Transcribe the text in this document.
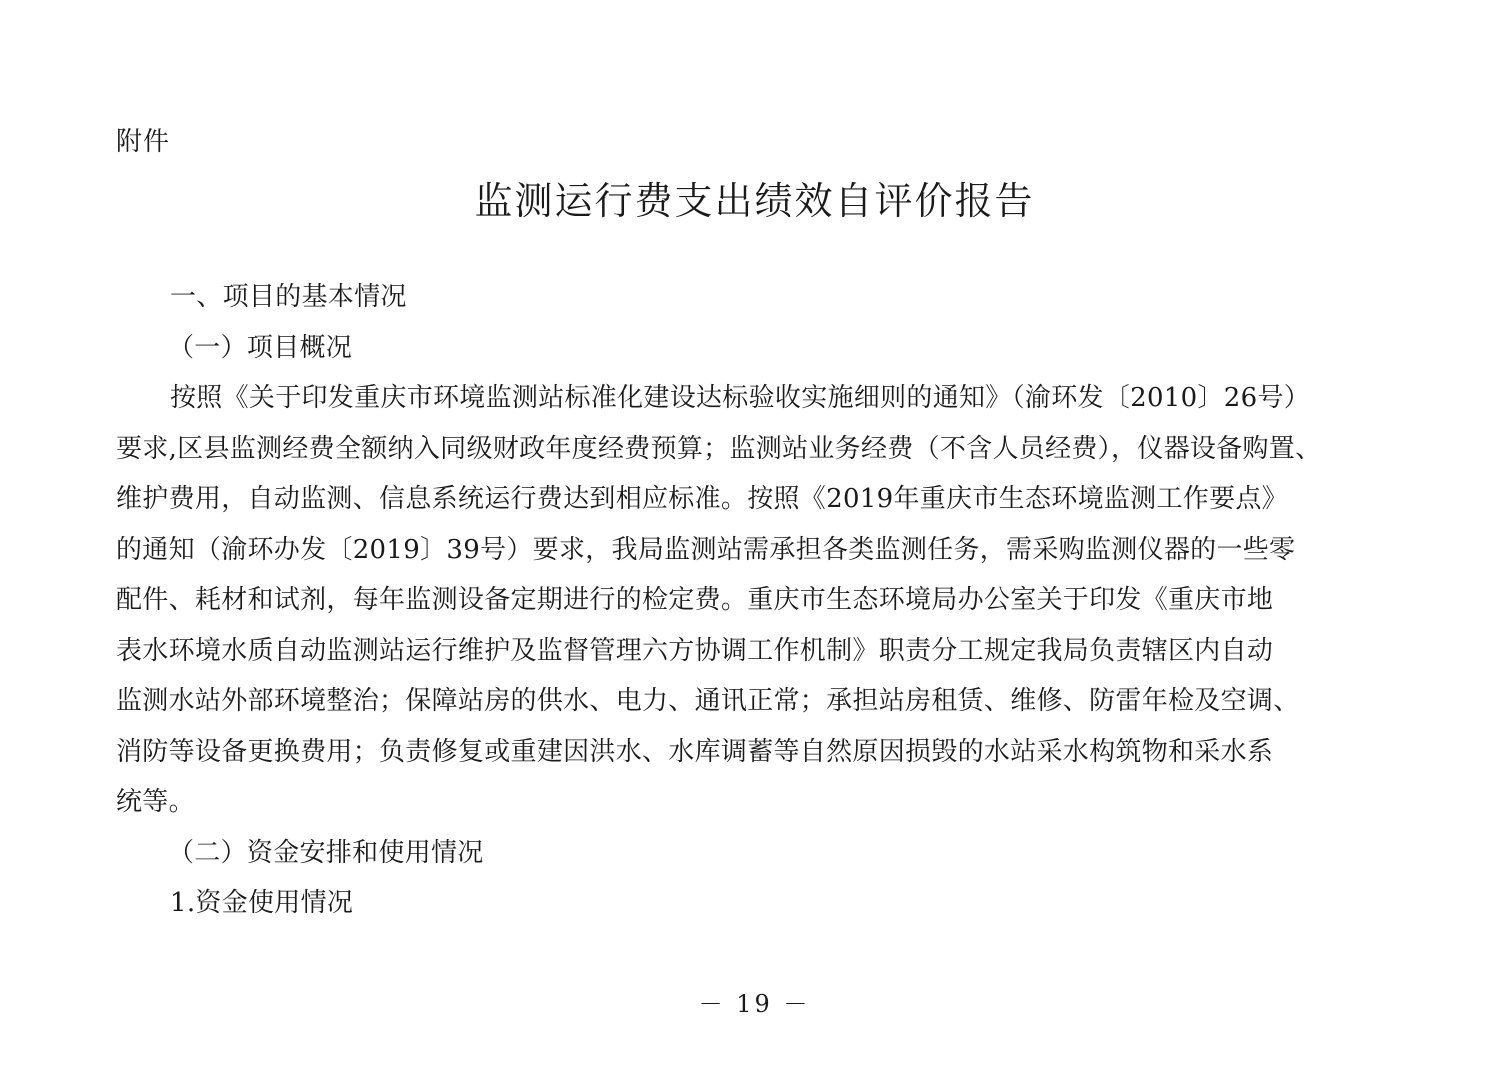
附件
监测运行费支出绩效自评价报告
一、项目的基本情况
（一）项目概况
按照《关于印发重庆市环境监测站标准化建设达标验收实施细则的通知》（渝环发〔2010〕26号）
要求,区县监测经费全额纳入同级财政年度经费预算；监测站业务经费（不含人员经费），仪器设备购置、
维护费用，自动监测、信息系统运行费达到相应标准。按照《2019年重庆市生态环境监测工作要点》
的通知（渝环办发〔2019〕39号）要求，我局监测站需承担各类监测任务，需采购监测仪器的一些零
配件、耗材和试剂，每年监测设备定期进行的检定费。重庆市生态环境局办公室关于印发《重庆市地
表水环境水质自动监测站运行维护及监督管理六方协调工作机制》职责分工规定我局负责辖区内自动
监测水站外部环境整治；保障站房的供水、电力、通讯正常；承担站房租赁、维修、防雷年检及空调、
消防等设备更换费用；负责修复或重建因洪水、水库调蓄等自然原因损毁的水站采水构筑物和采水系
统等。
（二）资金安排和使用情况
1.资金使用情况
－ 19 －
